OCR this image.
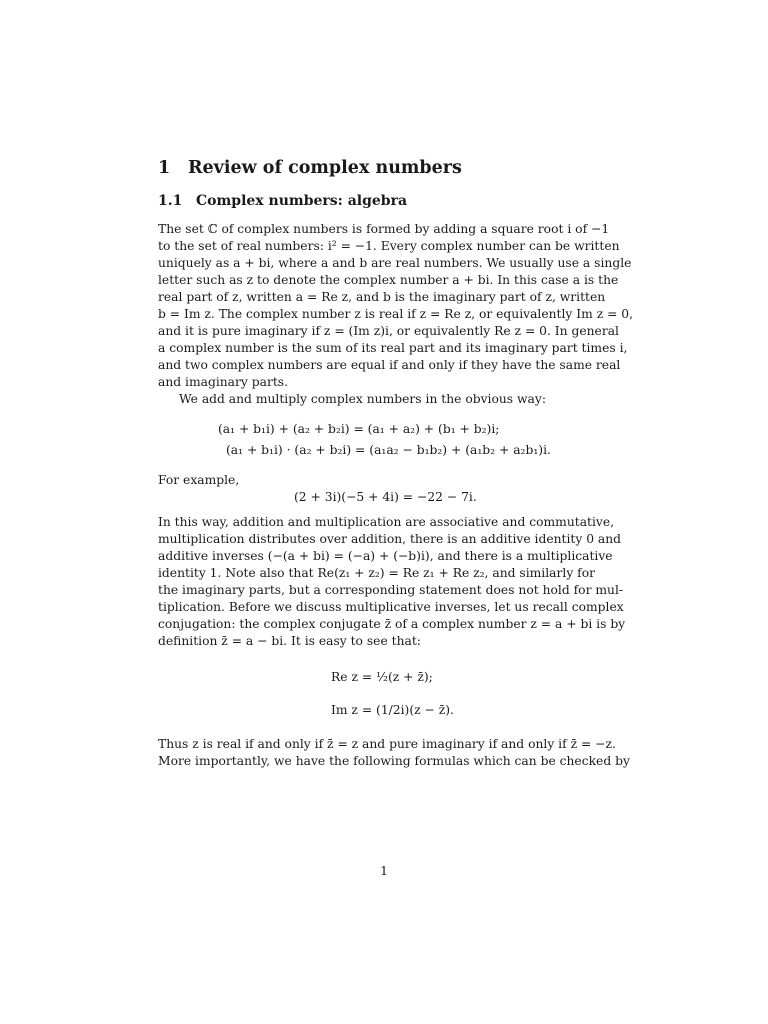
1 Review of complex numbers
1.1 Complex numbers: algebra

The set ℂ of complex numbers is formed by adding a square root i of −1
to the set of real numbers: i² = −1. Every complex number can be written
uniquely as a + bi, where a and b are real numbers. We usually use a single
letter such as z to denote the complex number a + bi. In this case a is the
real part of z, written a = Re z, and b is the imaginary part of z, written
b = Im z. The complex number z is real if z = Re z, or equivalently Im z = 0,
and it is pure imaginary if z = (Im z)i, or equivalently Re z = 0. In general
a complex number is the sum of its real part and its imaginary part times i,
and two complex numbers are equal if and only if they have the same real
and imaginary parts.
We add and multiply complex numbers in the obvious way:

(a₁ + b₁i) + (a₂ + b₂i) = (a₁ + a₂) + (b₁ + b₂)i;
(a₁ + b₁i) · (a₂ + b₂i) = (a₁a₂ − b₁b₂) + (a₁b₂ + a₂b₁)i.
For example,
(2 + 3i)(−5 + 4i) = −22 − 7i.

In this way, addition and multiplication are associative and commutative,
multiplication distributes over addition, there is an additive identity 0 and
additive inverses (−(a + bi) = (−a) + (−b)i), and there is a multiplicative
identity 1. Note also that Re(z₁ + z₂) = Re z₁ + Re z₂, and similarly for
the imaginary parts, but a corresponding statement does not hold for mul-
tiplication. Before we discuss multiplicative inverses, let us recall complex
conjugation: the complex conjugate z̄ of a complex number z = a + bi is by
definition z̄ = a − bi. It is easy to see that:

Re z = ½(z + z̄);
Im z = (1/2i)(z − z̄).

Thus z is real if and only if z̄ = z and pure imaginary if and only if z̄ = −z.
More importantly, we have the following formulas which can be checked by

1
